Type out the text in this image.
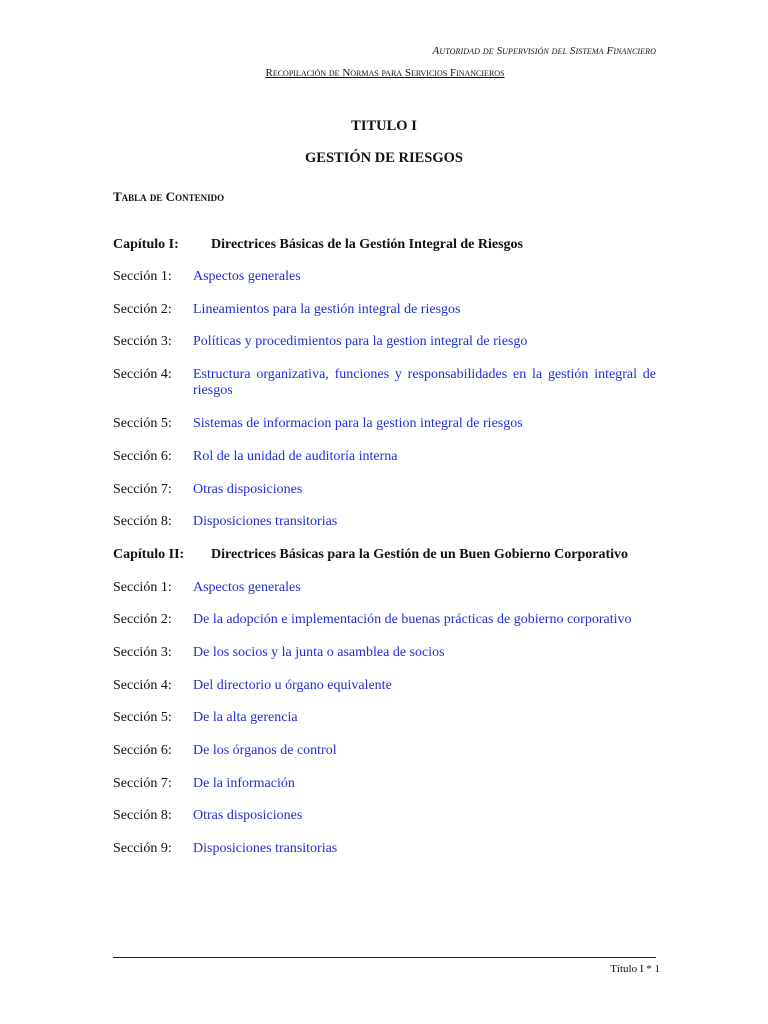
Autoridad de Supervisión del Sistema Financiero
Recopilación de Normas para Servicios Financieros
TITULO I
GESTIÓN DE RIESGOS
Tabla de Contenido
Capítulo I: Directrices Básicas de la Gestión Integral de Riesgos
Sección 1: Aspectos generales
Sección 2: Lineamientos para la gestión integral de riesgos
Sección 3: Políticas y procedimientos para la gestion integral de riesgo
Sección 4: Estructura organizativa, funciones y responsabilidades en la gestión integral de riesgos
Sección 5: Sistemas de informacion para la gestion integral de riesgos
Sección 6: Rol de la unidad de auditoría interna
Sección 7: Otras disposiciones
Sección 8: Disposiciones transitorias
Capítulo II: Directrices Básicas para la Gestión de un Buen Gobierno Corporativo
Sección 1: Aspectos generales
Sección 2: De la adopción e implementación de buenas prácticas de gobierno corporativo
Sección 3: De los socios y la junta o asamblea de socios
Sección 4: Del directorio u órgano equivalente
Sección 5: De la alta gerencia
Sección 6: De los órganos de control
Sección 7: De la información
Sección 8: Otras disposiciones
Sección 9: Disposiciones transitorias
Título I * 1
